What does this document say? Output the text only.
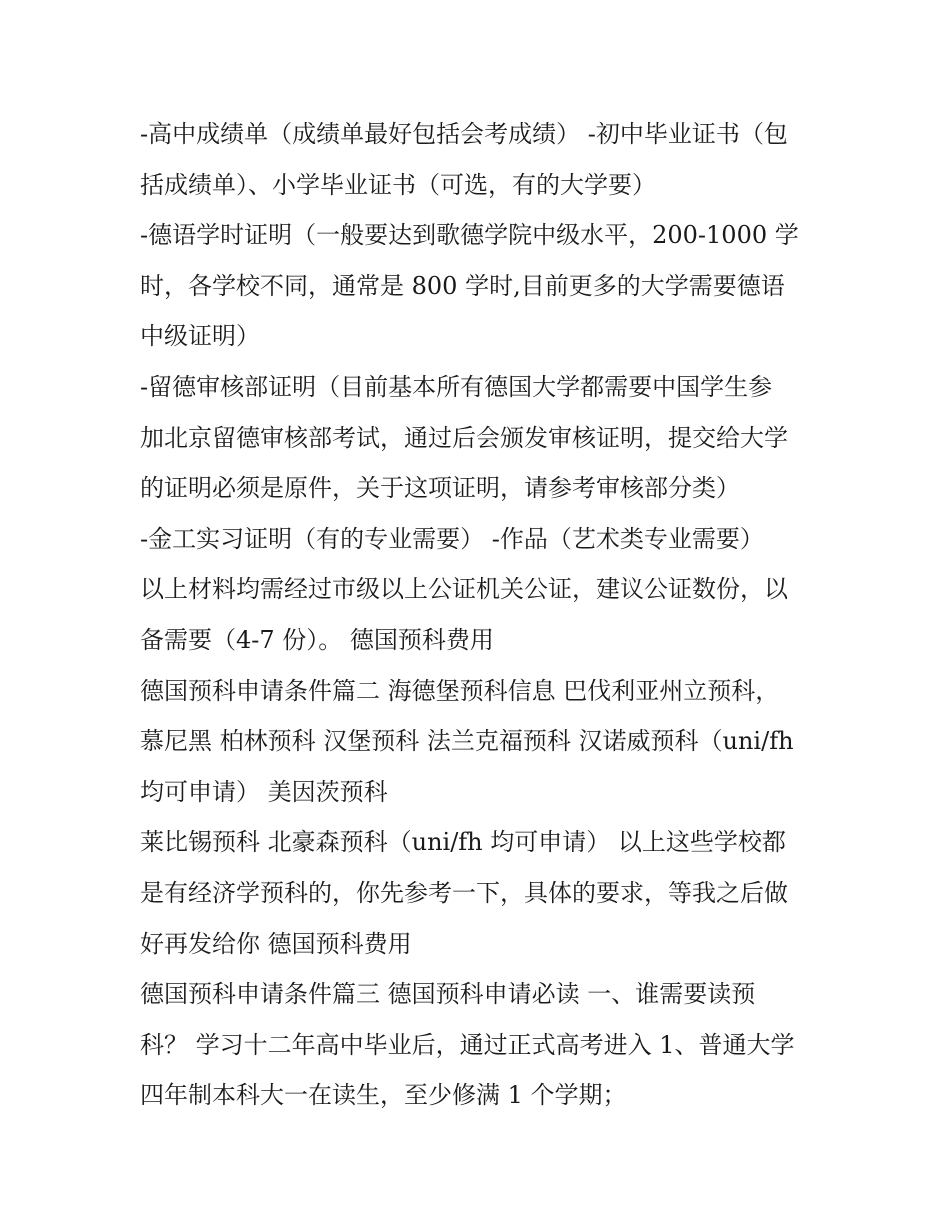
-高中成绩单（成绩单最好包括会考成绩） -初中毕业证书（包
括成绩单）、小学毕业证书（可选，有的大学要）
-德语学时证明（一般要达到歌德学院中级水平，200-1000 学
时，各学校不同，通常是 800 学时,目前更多的大学需要德语
中级证明）
-留德审核部证明（目前基本所有德国大学都需要中国学生参
加北京留德审核部考试，通过后会颁发审核证明，提交给大学
的证明必须是原件，关于这项证明，请参考审核部分类）
-金工实习证明（有的专业需要） -作品（艺术类专业需要）
以上材料均需经过市级以上公证机关公证，建议公证数份，以
备需要（4-7 份）。 德国预科费用
德国预科申请条件篇二 海德堡预科信息 巴伐利亚州立预科，
慕尼黑 柏林预科 汉堡预科 法兰克福预科 汉诺威预科（uni/fh
均可申请） 美因茨预科
莱比锡预科 北豪森预科（uni/fh 均可申请） 以上这些学校都
是有经济学预科的，你先参考一下，具体的要求，等我之后做
好再发给你 德国预科费用
德国预科申请条件篇三 德国预科申请必读 一、谁需要读预
科？ 学习十二年高中毕业后，通过正式高考进入 1、普通大学
四年制本科大一在读生，至少修满 1 个学期；
